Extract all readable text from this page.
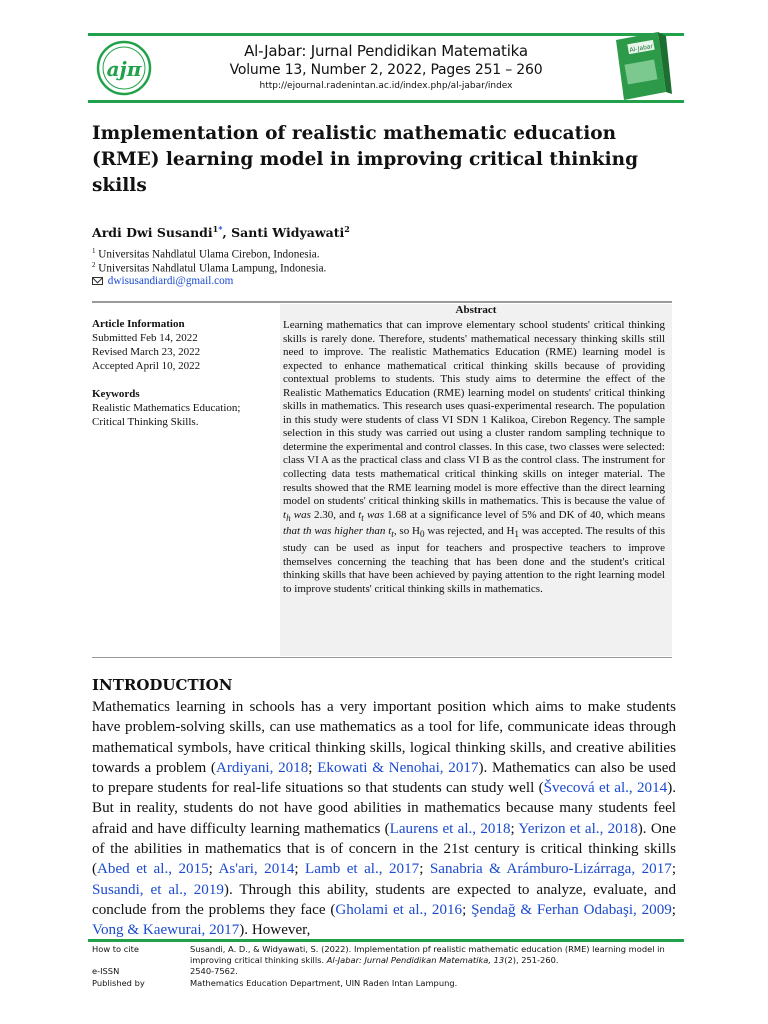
ajπ
Al-Jabar: Jurnal Pendidikan Matematika
Volume 13, Number 2, 2022, Pages 251 – 260
http://ejournal.radenintan.ac.id/index.php/al-jabar/index
Al-Jabar
Implementation of realistic mathematic education (RME) learning model in improving critical thinking skills
Ardi Dwi Susandi$^{1*}$, Santi Widyawati$^2$
$^1$ Universitas Nahdlatul Ulama Cirebon, Indonesia.
$^2$ Universitas Nahdlatul Ulama Lampung, Indonesia.
dwisusandiardi@gmail.com
Article Information
Submitted Feb 14, 2022
Revised March 23, 2022
Accepted April 10, 2022
Keywords
Realistic Mathematics Education;
Critical Thinking Skills.
Abstract
Learning mathematics that can improve elementary school students' critical thinking skills is rarely done. Therefore, students' mathematical necessary thinking skills still need to improve. The realistic Mathematics Education (RME) learning model is expected to enhance mathematical critical thinking skills because of providing contextual problems to students. This study aims to determine the effect of the Realistic Mathematics Education (RME) learning model on students' critical thinking skills in mathematics. This research uses quasi-experimental research. The population in this study were students of class VI SDN 1 Kalikoa, Cirebon Regency. The sample selection in this study was carried out using a cluster random sampling technique to determine the experimental and control classes. In this case, two classes were selected: class VI A as the practical class and class VI B as the control class. The instrument for collecting data tests mathematical critical thinking skills on integer material. The results showed that the RME learning model is more effective than the direct learning model on students' critical thinking skills in mathematics. This is because the value of $t_h$ was 2.30, and $t_t$ was 1.68 at a significance level of 5% and DK of 40, which means that th was higher than $t_t$, so $H_0$ was rejected, and $H_1$ was accepted. The results of this study can be used as input for teachers and prospective teachers to improve themselves concerning the teaching that has been done and the student's critical thinking skills that have been achieved by paying attention to the right learning model to improve students' critical thinking skills in mathematics.
INTRODUCTION
Mathematics learning in schools has a very important position which aims to make students have problem-solving skills, can use mathematics as a tool for life, communicate ideas through mathematical symbols, have critical thinking skills, logical thinking skills, and creative abilities towards a problem (Ardiyani, 2018; Ekowati & Nenohai, 2017). Mathematics can also be used to prepare students for real-life situations so that students can study well (Švecová et al., 2014). But in reality, students do not have good abilities in mathematics because many students feel afraid and have difficulty learning mathematics (Laurens et al., 2018; Yerizon et al., 2018). One of the abilities in mathematics that is of concern in the 21st century is critical thinking skills (Abed et al., 2015; As'ari, 2014; Lamb et al., 2017; Sanabria & Arámburo-Lizárraga, 2017; Susandi, et al., 2019). Through this ability, students are expected to analyze, evaluate, and conclude from the problems they face (Gholami et al., 2016; Şendağ & Ferhan Odabaşi, 2009; Vong & Kaewurai, 2017). However,
How to cite	Susandi, A. D., & Widyawati, S. (2022). Implementation pf realistic mathematic education (RME) learning model in improving critical thinking skills. Al-Jabar: Jurnal Pendidikan Matematika, 13(2), 251-260.
e-ISSN	2540-7562.
Published by	Mathematics Education Department, UIN Raden Intan Lampung.
